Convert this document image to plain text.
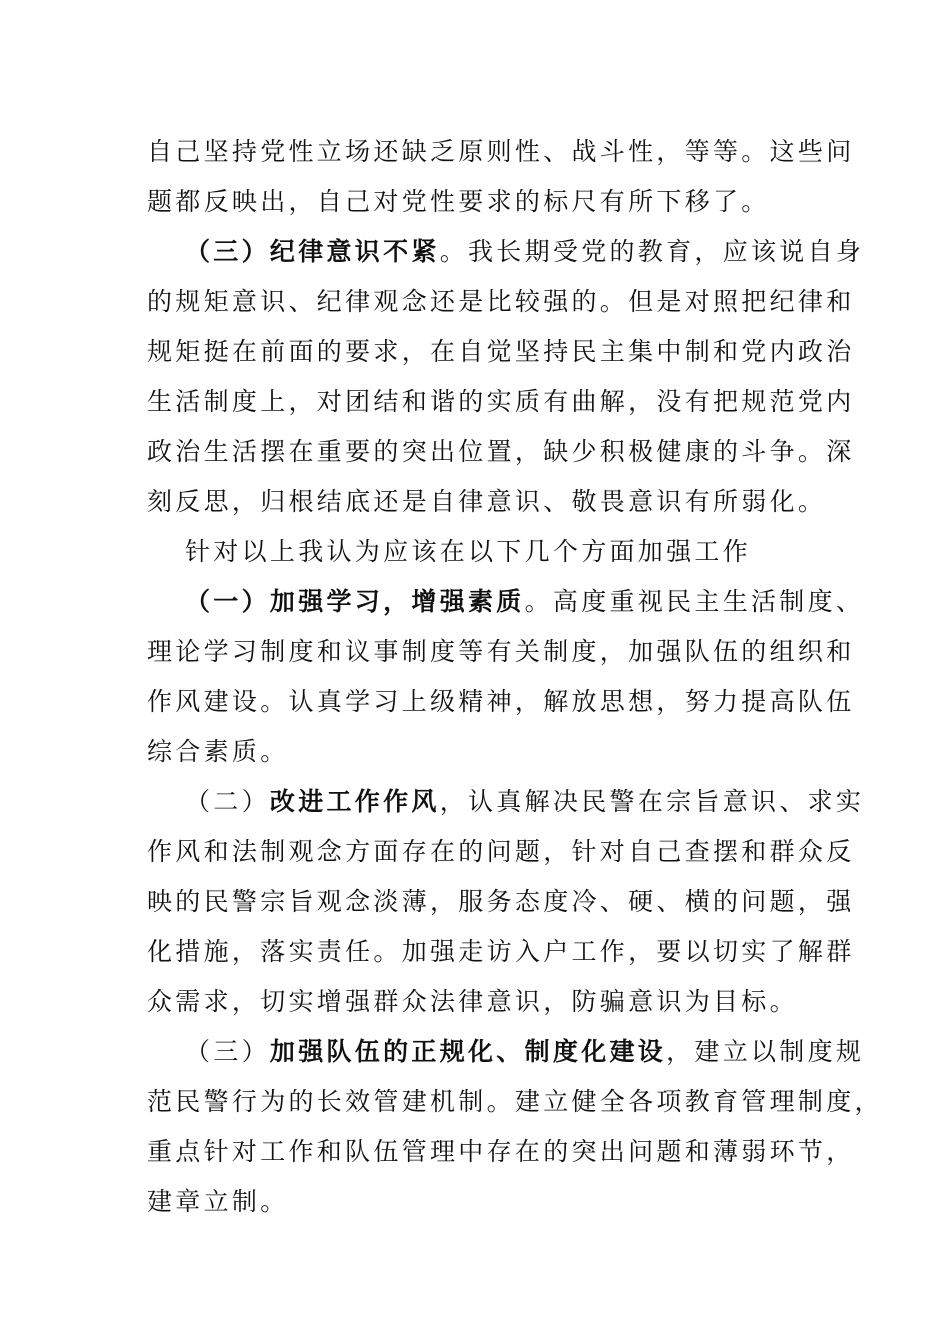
自己坚持党性立场还缺乏原则性、战斗性，等等。这些问
题都反映出，自己对党性要求的标尺有所下移了。
（三）纪律意识不紧。我长期受党的教育，应该说自身
的规矩意识、纪律观念还是比较强的。但是对照把纪律和
规矩挺在前面的要求，在自觉坚持民主集中制和党内政治
生活制度上，对团结和谐的实质有曲解，没有把规范党内
政治生活摆在重要的突出位置，缺少积极健康的斗争。深
刻反思，归根结底还是自律意识、敬畏意识有所弱化。
针对以上我认为应该在以下几个方面加强工作
（一）加强学习，增强素质。高度重视民主生活制度、
理论学习制度和议事制度等有关制度，加强队伍的组织和
作风建设。认真学习上级精神，解放思想，努力提高队伍
综合素质。
（二）改进工作作风，认真解决民警在宗旨意识、求实
作风和法制观念方面存在的问题，针对自己查摆和群众反
映的民警宗旨观念淡薄，服务态度冷、硬、横的问题，强
化措施，落实责任。加强走访入户工作，要以切实了解群
众需求，切实增强群众法律意识，防骗意识为目标。
（三）加强队伍的正规化、制度化建设，建立以制度规
范民警行为的长效管建机制。建立健全各项教育管理制度，
重点针对工作和队伍管理中存在的突出问题和薄弱环节，
建章立制。
